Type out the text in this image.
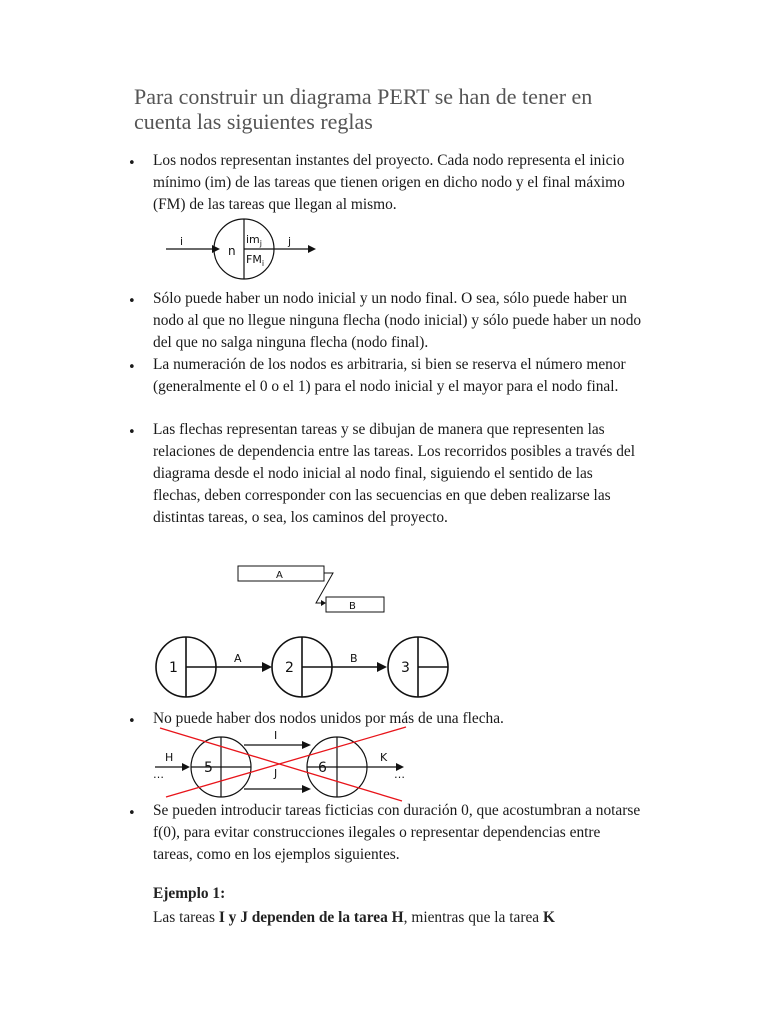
Para construir un diagrama PERT se han de tener en cuenta las siguientes reglas
• Los nodos representan instantes del proyecto. Cada nodo representa el inicio mínimo (im) de las tareas que tienen origen en dicho nodo y el final máximo (FM) de las tareas que llegan al mismo.

i
n
$im_j$
$FM_i$
j
• Sólo puede haber un nodo inicial y un nodo final. O sea, sólo puede haber un nodo al que no llegue ninguna flecha (nodo inicial) y sólo puede haber un nodo del que no salga ninguna flecha (nodo final).

• La numeración de los nodos es arbitraria, si bien se reserva el número menor (generalmente el 0 o el 1) para el nodo inicial y el mayor para el nodo final.

• Las flechas representan tareas y se dibujan de manera que representen las relaciones de dependencia entre las tareas. Los recorridos posibles a través del diagrama desde el nodo inicial al nodo final, siguiendo el sentido de las flechas, deben corresponder con las secuencias en que deben realizarse las distintas tareas, o sea, los caminos del proyecto.

A
B
1
A
2
B
3
• No puede haber dos nodos unidos por más de una flecha.

H
…	5
I
J	6
K
…
• Se pueden introducir tareas ficticias con duración 0, que acostumbran a notarse f(0), para evitar construcciones ilegales o representar dependencias entre tareas, como en los ejemplos siguientes.

Ejemplo 1:

Las tareas I y J dependen de la tarea H, mientras que la tarea K
